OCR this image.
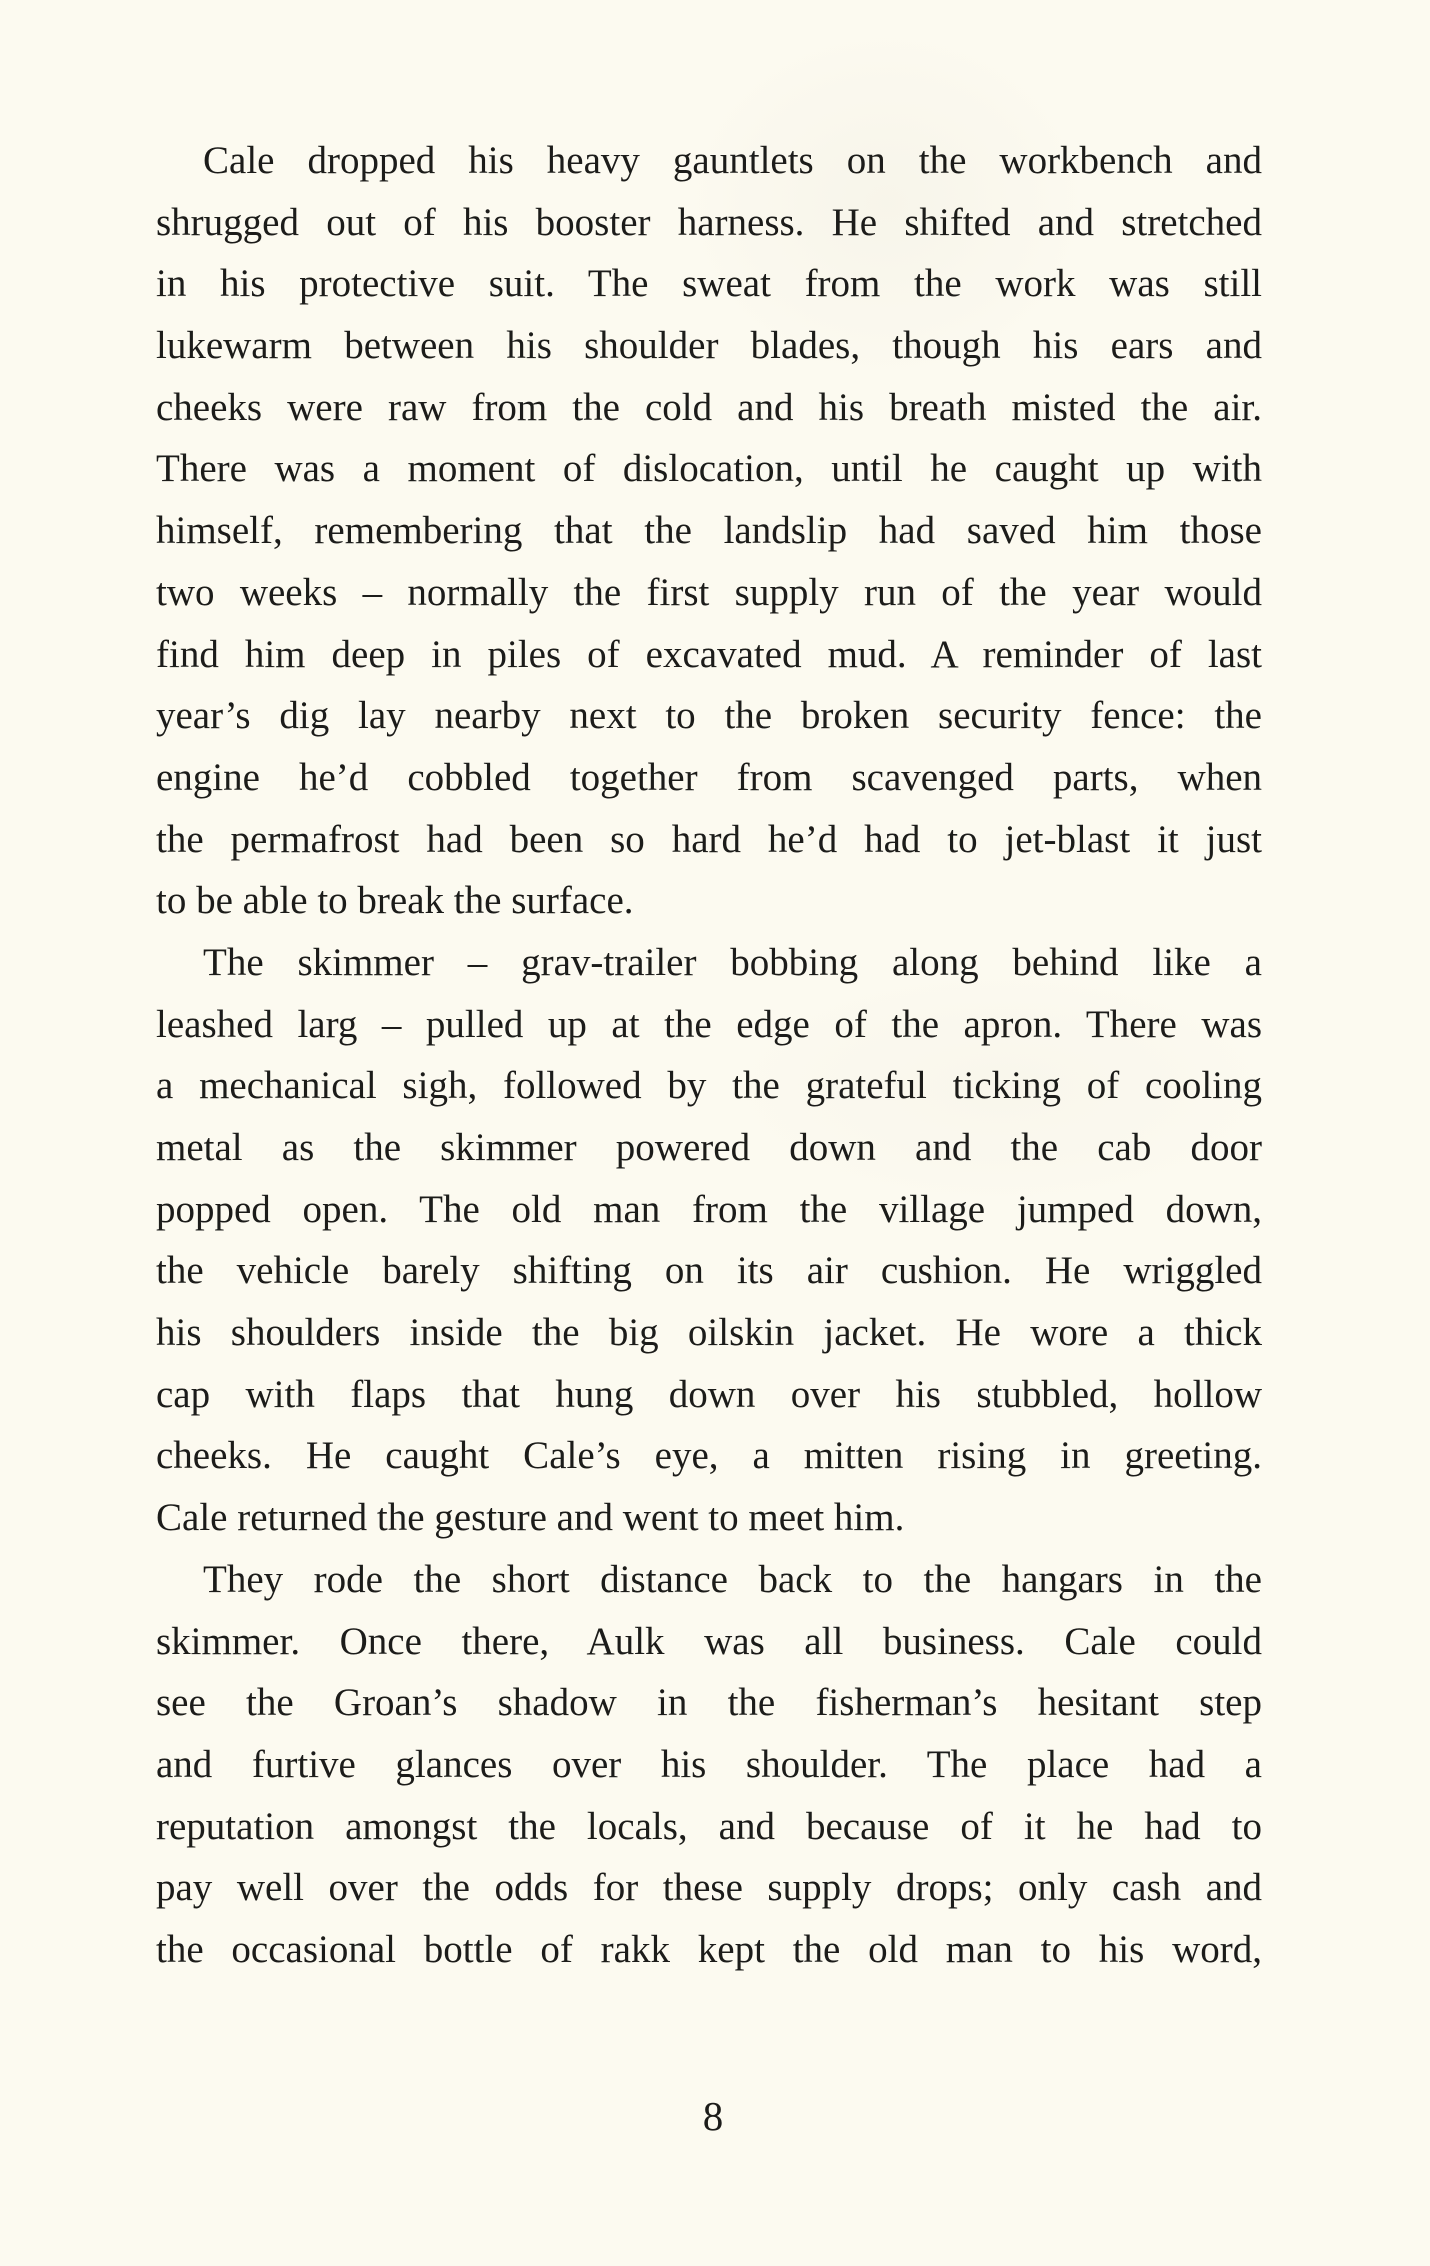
Cale dropped his heavy gauntlets on the workbench and
shrugged out of his booster harness. He shifted and stretched
in his protective suit. The sweat from the work was still
lukewarm between his shoulder blades, though his ears and
cheeks were raw from the cold and his breath misted the air.
There was a moment of dislocation, until he caught up with
himself, remembering that the landslip had saved him those
two weeks – normally the first supply run of the year would
find him deep in piles of excavated mud. A reminder of last
year’s dig lay nearby next to the broken security fence: the
engine he’d cobbled together from scavenged parts, when
the permafrost had been so hard he’d had to jet-blast it just
to be able to break the surface.
The skimmer – grav-trailer bobbing along behind like a
leashed larg – pulled up at the edge of the apron. There was
a mechanical sigh, followed by the grateful ticking of cooling
metal as the skimmer powered down and the cab door
popped open. The old man from the village jumped down,
the vehicle barely shifting on its air cushion. He wriggled
his shoulders inside the big oilskin jacket. He wore a thick
cap with flaps that hung down over his stubbled, hollow
cheeks. He caught Cale’s eye, a mitten rising in greeting.
Cale returned the gesture and went to meet him.
They rode the short distance back to the hangars in the
skimmer. Once there, Aulk was all business. Cale could
see the Groan’s shadow in the fisherman’s hesitant step
and furtive glances over his shoulder. The place had a
reputation amongst the locals, and because of it he had to
pay well over the odds for these supply drops; only cash and
the occasional bottle of rakk kept the old man to his word,
8
